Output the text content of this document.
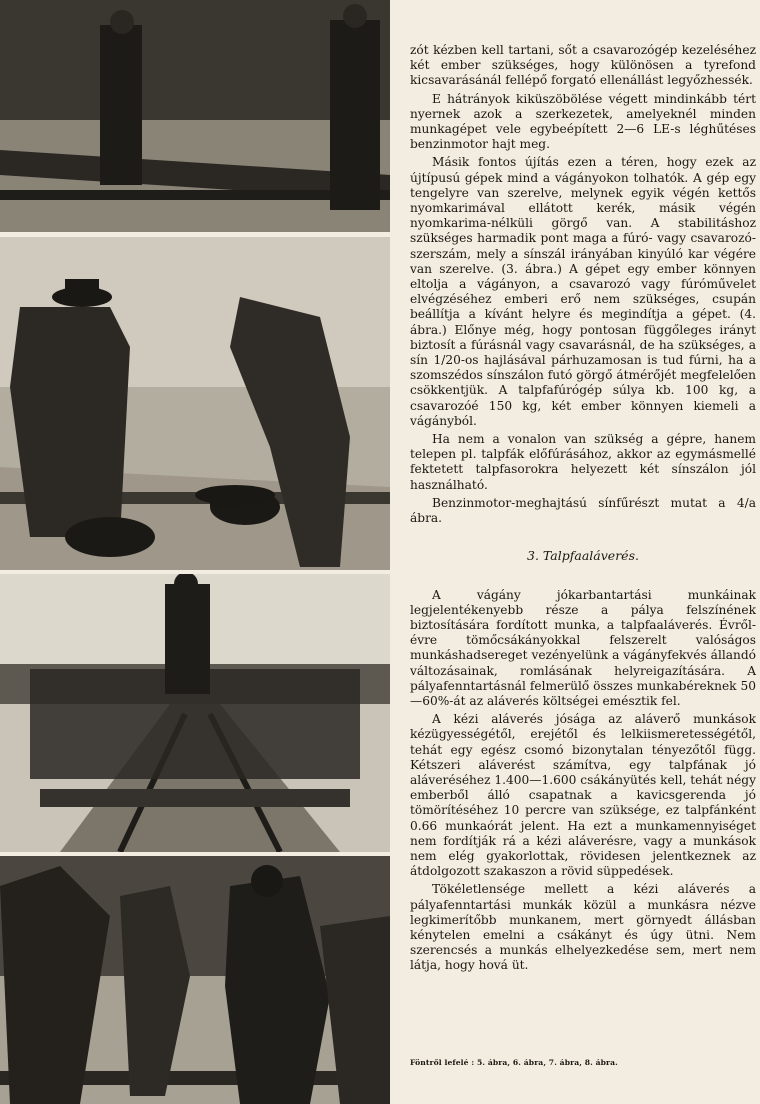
zót kézben kell tartani, sőt a csavarozógép kezeléséhez két ember szükséges, hogy különösen a tyrefond kicsavarásánál fellépő forgató ellenállást legyőzhessék.

E hátrányok kiküszöbölése végett mindinkább tért nyernek azok a szerkezetek, amelyeknél minden munkagépet vele egybeépített 2—6 LE-s léghűtéses benzinmotor hajt meg.

Másik fontos újítás ezen a téren, hogy ezek az újtípusú gépek mind a vágányokon tolhatók. A gép egy tengelyre van szerelve, melynek egyik végén kettős nyomkarimával ellátott kerék, másik végén nyomkarima-nélküli görgő van. A stabilitáshoz szükséges harmadik pont maga a fúró- vagy csavarozó-szerszám, mely a sínszál irányában kinyúló kar végére van szerelve. (3. ábra.) A gépet egy ember könnyen eltolja a vágányon, a csavarozó vagy fúróművelet elvégzéséhez emberi erő nem szükséges, csupán beállítja a kívánt helyre és megindítja a gépet. (4. ábra.) Előnye még, hogy pontosan függőleges irányt biztosít a fúrásnál vagy csavarásnál, de ha szükséges, a sín 1/20-os hajlásával párhuzamosan is tud fúrni, ha a szomszédos sínszálon futó görgő átmérőjét megfelelően csökkentjük. A talpfafúrógép súlya kb. 100 kg, a csavarozóé 150 kg, két ember könnyen kiemeli a vágányból.

Ha nem a vonalon van szükség a gépre, hanem telepen pl. talpfák előfúrásához, akkor az egymásmellé fektetett talpfasorokra helyezett két sínszálon jól használható.

Benzinmotor-meghajtású sínfűrészt mutat a 4/a ábra.

3. Talpfaaláverés.

A vágány jókarbantartási munkáinak legjelentékenyebb része a pálya felszínének biztosítására fordított munka, a talpfaaláverés. Évről-évre tömőcsákányokkal felszerelt valóságos munkáshadsereget vezényelünk a vágányfekvés állandó változásainak, romlásának helyreigazítására. A pályafenntartásnál felmerülő összes munkabéreknek 50—60%-át az aláverés költségei emésztik fel.

A kézi aláverés jósága az aláverő munkások kézügyességétől, erejétől és lelkiismeretességétől, tehát egy egész csomó bizonytalan tényezőtől függ. Kétszeri aláverést számítva, egy talpfának jó aláveréséhez 1.400—1.600 csákányütés kell, tehát négy emberből álló csapatnak a kavicsgerenda jó tömörítéséhez 10 percre van szüksége, ez talpfánként 0.66 munkaórát jelent. Ha ezt a munkamennyiséget nem fordítják rá a kézi aláverésre, vagy a munkások nem elég gyakorlottak, rövidesen jelentkeznek az átdolgozott szakaszon a rövid süppedések.

Tökéletlensége mellett a kézi aláverés a pályafenntartási munkák közül a munkásra nézve legkimerítőbb munkanem, mert görnyedt állásban kénytelen emelni a csákányt és úgy ütni. Nem szerencsés a munkás elhelyezkedése sem, mert nem látja, hogy hová üt.

Föntről lefelé : 5. ábra, 6. ábra, 7. ábra, 8. ábra.
